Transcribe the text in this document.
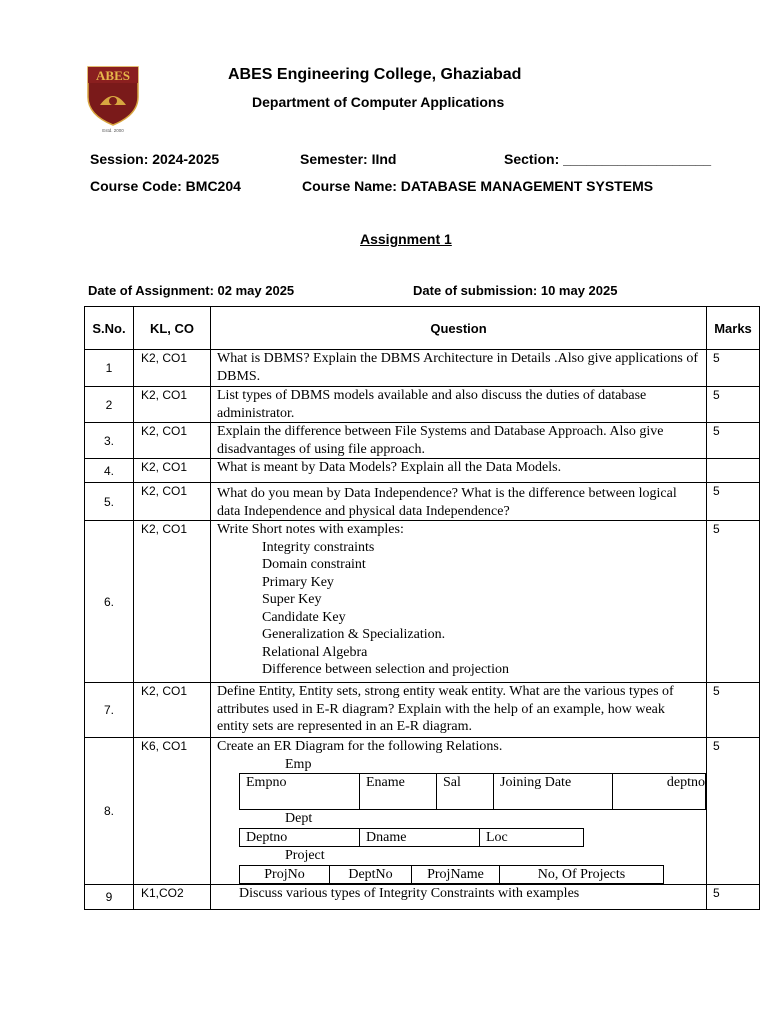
ABES
Estd. 2000
ABES Engineering College, Ghaziabad
Department of Computer Applications
Session: 2024-2025	Semester: IInd	Section: ___________________
Course Code: BMC204	Course Name: DATABASE MANAGEMENT SYSTEMS
Assignment 1
Date of Assignment: 02 may 2025	Date of submission: 10 may 2025
S.No.	KL, CO	Question	Marks
1	K2, CO1	What is DBMS? Explain the DBMS Architecture in Details .Also give applications of DBMS.	5
2	K2, CO1	List types of DBMS models available and also discuss the duties of database administrator.	5
3.	K2, CO1	Explain the difference between File Systems and Database Approach. Also give disadvantages of using file approach.	5
4.	K2, CO1	What is meant by Data Models? Explain all the Data Models.	
5.	K2, CO1	What do you mean by Data Independence? What is the difference between logical data Independence and physical data Independence?	5
6.	K2, CO1	Write Short notes with examples:
Integrity constraints
Domain constraint
Primary Key
Super Key
Candidate Key
Generalization & Specialization.
Relational Algebra
Difference between selection and projection
	5
7.	K2, CO1	Define Entity, Entity sets, strong entity weak entity. What are the various types of attributes used in E-R diagram? Explain with the help of an example, how weak entity sets are represented in an E-R diagram.	5
8.	K6, CO1	Create an ER Diagram for the following Relations.
Emp
Empno	Ename	Sal	Joining Date	deptno
Dept
Deptno	Dname	Loc
Project
ProjNo	DeptNo	ProjName	No, Of Projects
	5
9	K1,CO2	Discuss various types of Integrity Constraints with examples	5
